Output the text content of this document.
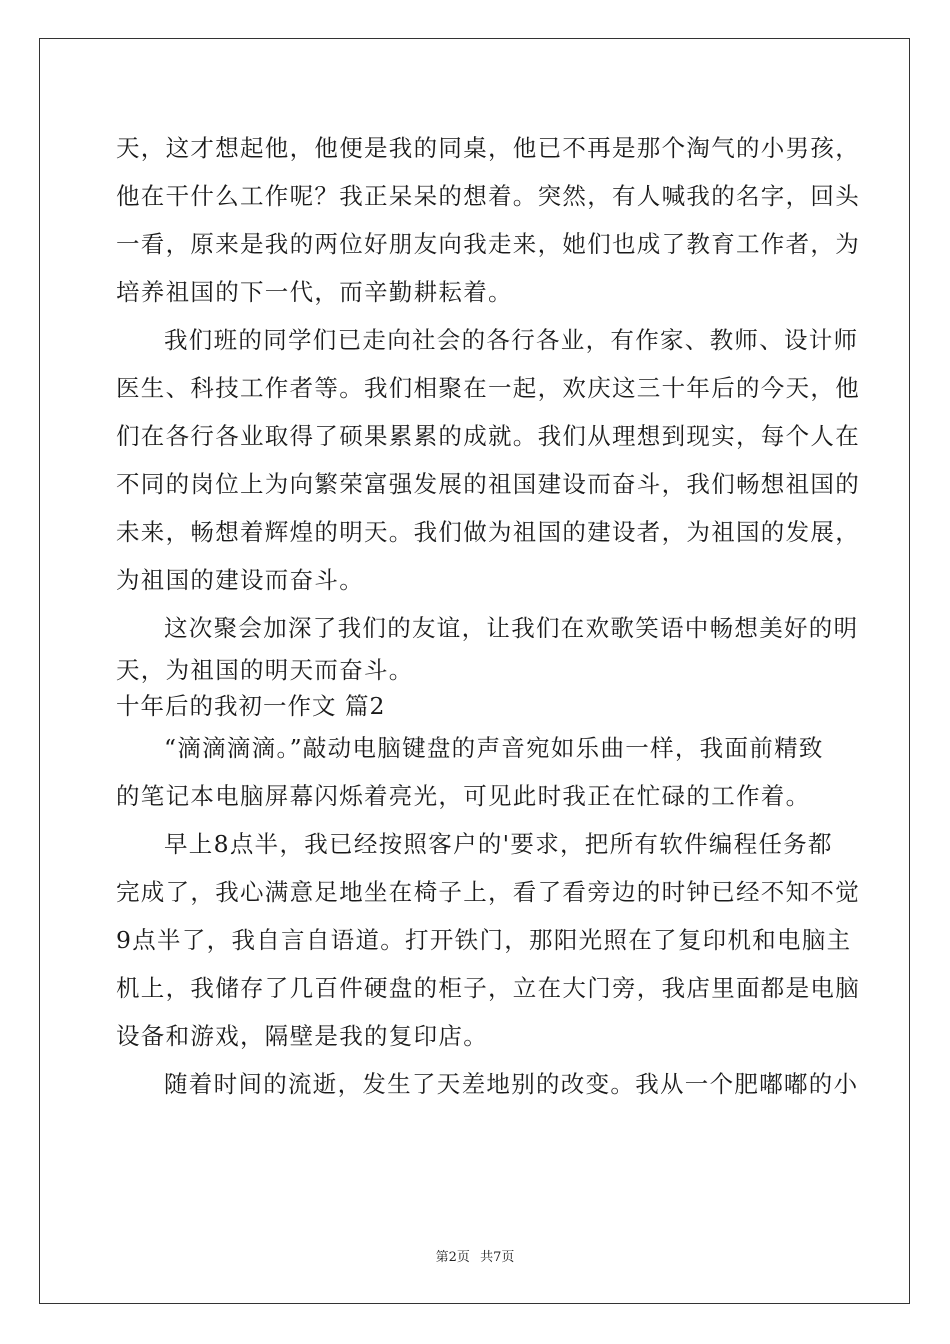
天，这才想起他，他便是我的同桌，他已不再是那个淘气的小男孩，

他在干什么工作呢？我正呆呆的想着。突然，有人喊我的名字，回头

一看，原来是我的两位好朋友向我走来，她们也成了教育工作者，为

培养祖国的下一代，而辛勤耕耘着。

我们班的同学们已走向社会的各行各业，有作家、教师、设计师

医生、科技工作者等。我们相聚在一起，欢庆这三十年后的今天，他

们在各行各业取得了硕果累累的成就。我们从理想到现实，每个人在

不同的岗位上为向繁荣富强发展的祖国建设而奋斗，我们畅想祖国的

未来，畅想着辉煌的明天。我们做为祖国的建设者，为祖国的发展，

为祖国的建设而奋斗。

这次聚会加深了我们的友谊，让我们在欢歌笑语中畅想美好的明

天，为祖国的明天而奋斗。

十年后的我初一作文 篇2

“滴滴滴滴。”敲动电脑键盘的声音宛如乐曲一样，我面前精致

的笔记本电脑屏幕闪烁着亮光，可见此时我正在忙碌的工作着。

早上8点半，我已经按照客户的'要求，把所有软件编程任务都

完成了，我心满意足地坐在椅子上，看了看旁边的时钟已经不知不觉

9点半了，我自言自语道。打开铁门，那阳光照在了复印机和电脑主

机上，我储存了几百件硬盘的柜子，立在大门旁，我店里面都是电脑

设备和游戏，隔壁是我的复印店。

随着时间的流逝，发生了天差地别的改变。我从一个肥嘟嘟的小

第2页 共7页
